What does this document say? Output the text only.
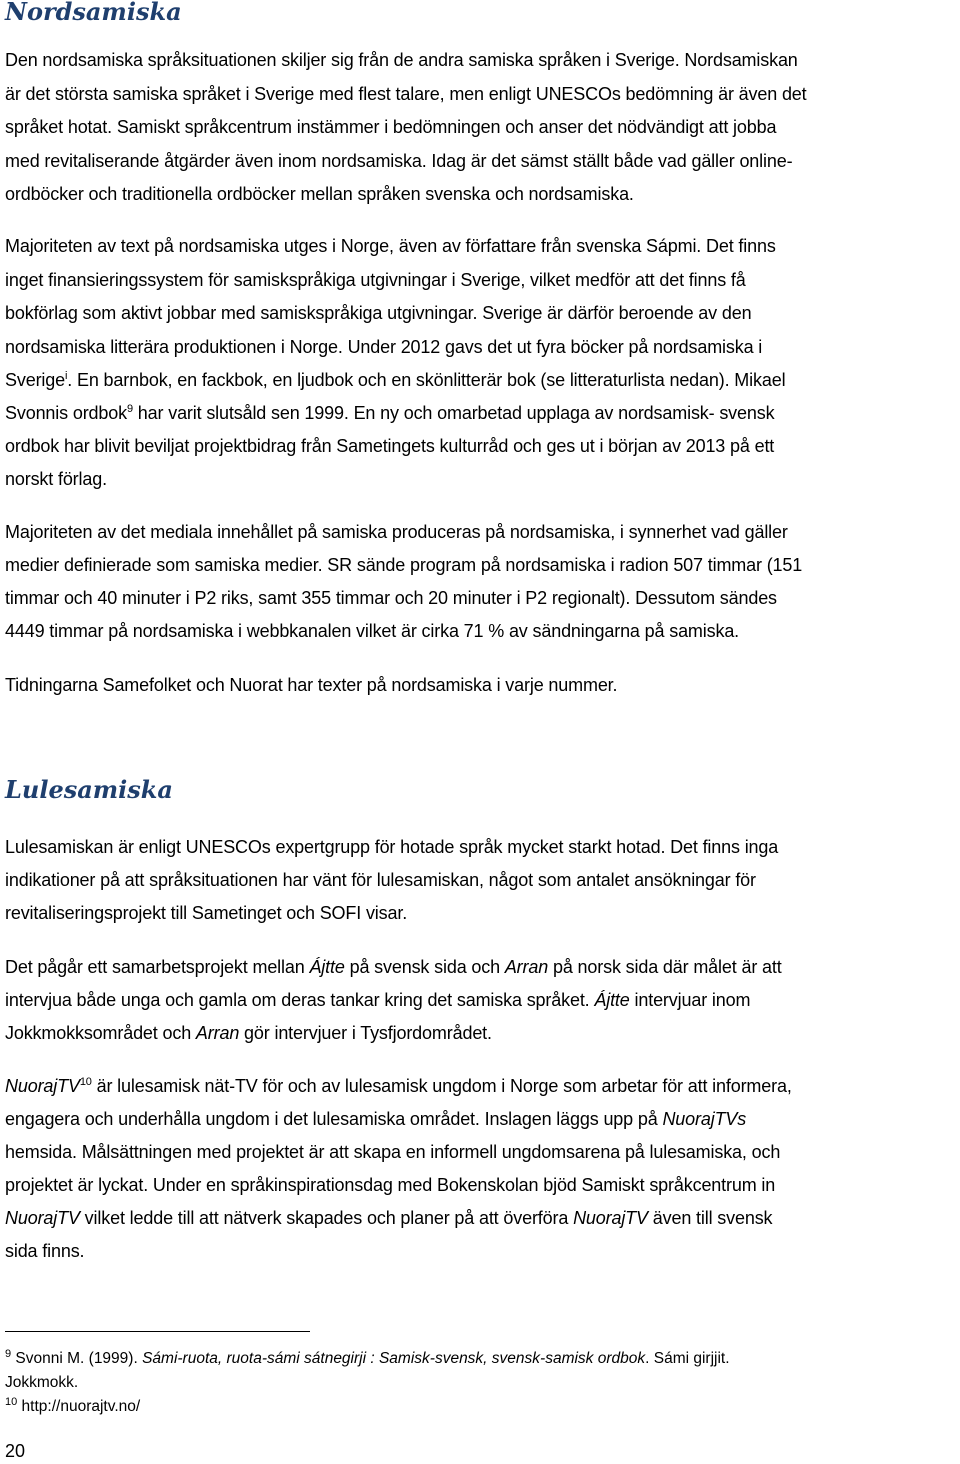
Nordsamiska

Den nordsamiska språksituationen skiljer sig från de andra samiska språken i Sverige. Nordsamiskan

är det största samiska språket i Sverige med flest talare, men enligt UNESCOs bedömning är även det

språket hotat. Samiskt språkcentrum instämmer i bedömningen och anser det nödvändigt att jobba

med revitaliserande åtgärder även inom nordsamiska. Idag är det sämst ställt både vad gäller online-

ordböcker och traditionella ordböcker mellan språken svenska och nordsamiska.

Majoriteten av text på nordsamiska utges i Norge, även av författare från svenska Sápmi. Det finns

inget finansieringssystem för samiskspråkiga utgivningar i Sverige, vilket medför att det finns få

bokförlag som aktivt jobbar med samiskspråkiga utgivningar. Sverige är därför beroende av den

nordsamiska litterära produktionen i Norge. Under 2012 gavs det ut fyra böcker på nordsamiska i

Sverige$^i$. En barnbok, en fackbok, en ljudbok och en skönlitterär bok (se litteraturlista nedan). Mikael

Svonnis ordbok$^9$ har varit slutsåld sen 1999. En ny och omarbetad upplaga av nordsamisk- svensk

ordbok har blivit beviljat projektbidrag från Sametingets kulturråd och ges ut i början av 2013 på ett

norskt förlag.

Majoriteten av det mediala innehållet på samiska produceras på nordsamiska, i synnerhet vad gäller

medier definierade som samiska medier. SR sände program på nordsamiska i radion 507 timmar (151

timmar och 40 minuter i P2 riks, samt 355 timmar och 20 minuter i P2 regionalt). Dessutom sändes

4449 timmar på nordsamiska i webbkanalen vilket är cirka 71 % av sändningarna på samiska.

Tidningarna Samefolket och Nuorat har texter på nordsamiska i varje nummer.

Lulesamiska

Lulesamiskan är enligt UNESCOs expertgrupp för hotade språk mycket starkt hotad. Det finns inga

indikationer på att språksituationen har vänt för lulesamiskan, något som antalet ansökningar för

revitaliseringsprojekt till Sametinget och SOFI visar.

Det pågår ett samarbetsprojekt mellan Ájtte på svensk sida och Arran på norsk sida där målet är att

intervjua både unga och gamla om deras tankar kring det samiska språket. Ájtte intervjuar inom

Jokkmokksområdet och Arran gör intervjuer i Tysfjordområdet.

NuorajTV$^{10}$ är lulesamisk nät-TV för och av lulesamisk ungdom i Norge som arbetar för att informera,

engagera och underhålla ungdom i det lulesamiska området. Inslagen läggs upp på NuorajTVs

hemsida. Målsättningen med projektet är att skapa en informell ungdomsarena på lulesamiska, och

projektet är lyckat. Under en språkinspirationsdag med Bokenskolan bjöd Samiskt språkcentrum in

NuorajTV vilket ledde till att nätverk skapades och planer på att överföra NuorajTV även till svensk

sida finns.

$^9$ Svonni M. (1999). Sámi-ruota, ruota-sámi sátnegirji : Samisk-svensk, svensk-samisk ordbok. Sámi girjjit.

Jokkmokk.

$^{10}$ http://nuorajtv.no/

20
